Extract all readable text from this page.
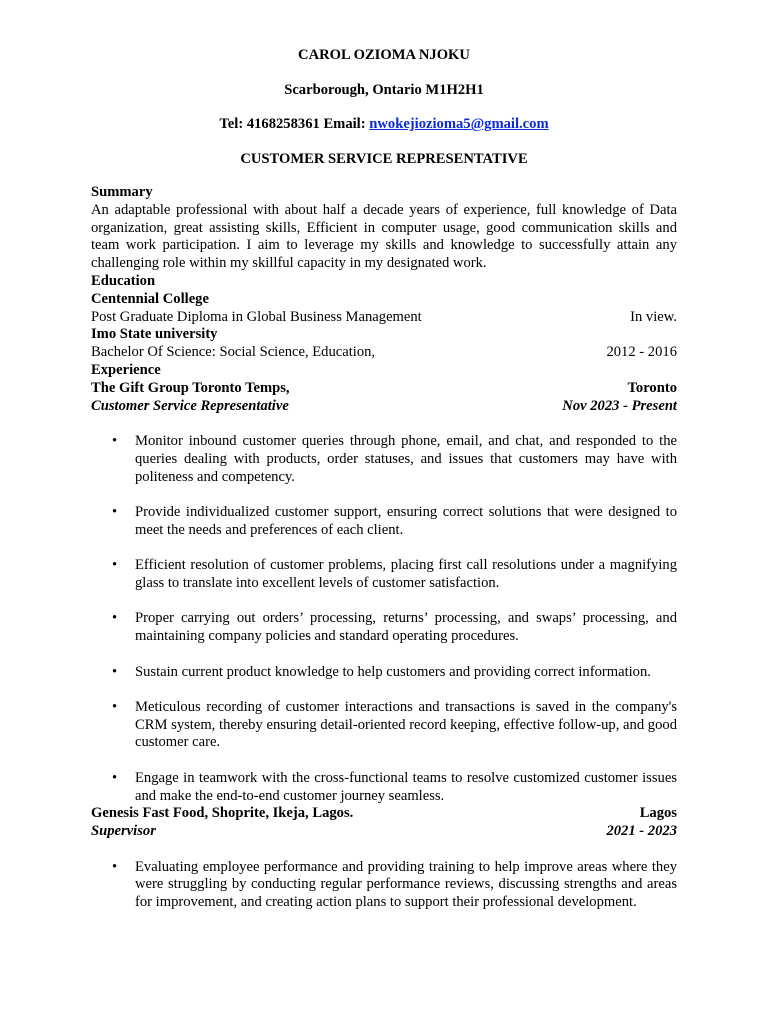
CAROL OZIOMA NJOKU
Scarborough, Ontario M1H2H1
Tel: 4168258361 Email: nwokejiozioma5@gmail.com
CUSTOMER SERVICE REPRESENTATIVE
Summary
An adaptable professional with about half a decade years of experience, full knowledge of Data organization, great assisting skills, Efficient in computer usage, good communication skills and team work participation. I aim to leverage my skills and knowledge to successfully attain any challenging role within my skillful capacity in my designated work.
Education
Centennial College
Post Graduate Diploma in Global Business Management	In view.
Imo State university
Bachelor Of Science: Social Science, Education,	2012 - 2016
Experience
The Gift Group Toronto Temps,	Toronto
Customer Service Representative	Nov 2023 - Present
• Monitor inbound customer queries through phone, email, and chat, and responded to the queries dealing with products, order statuses, and issues that customers may have with politeness and competency.
• Provide individualized customer support, ensuring correct solutions that were designed to meet the needs and preferences of each client.
• Efficient resolution of customer problems, placing first call resolutions under a magnifying glass to translate into excellent levels of customer satisfaction.
• Proper carrying out orders’ processing, returns’ processing, and swaps’ processing, and maintaining company policies and standard operating procedures.
• Sustain current product knowledge to help customers and providing correct information.
• Meticulous recording of customer interactions and transactions is saved in the company's CRM system, thereby ensuring detail-oriented record keeping, effective follow-up, and good customer care.
• Engage in teamwork with the cross-functional teams to resolve customized customer issues and make the end-to-end customer journey seamless.
Genesis Fast Food, Shoprite, Ikeja, Lagos.	Lagos
Supervisor	2021 - 2023
• Evaluating employee performance and providing training to help improve areas where they were struggling by conducting regular performance reviews, discussing strengths and areas for improvement, and creating action plans to support their professional development.
